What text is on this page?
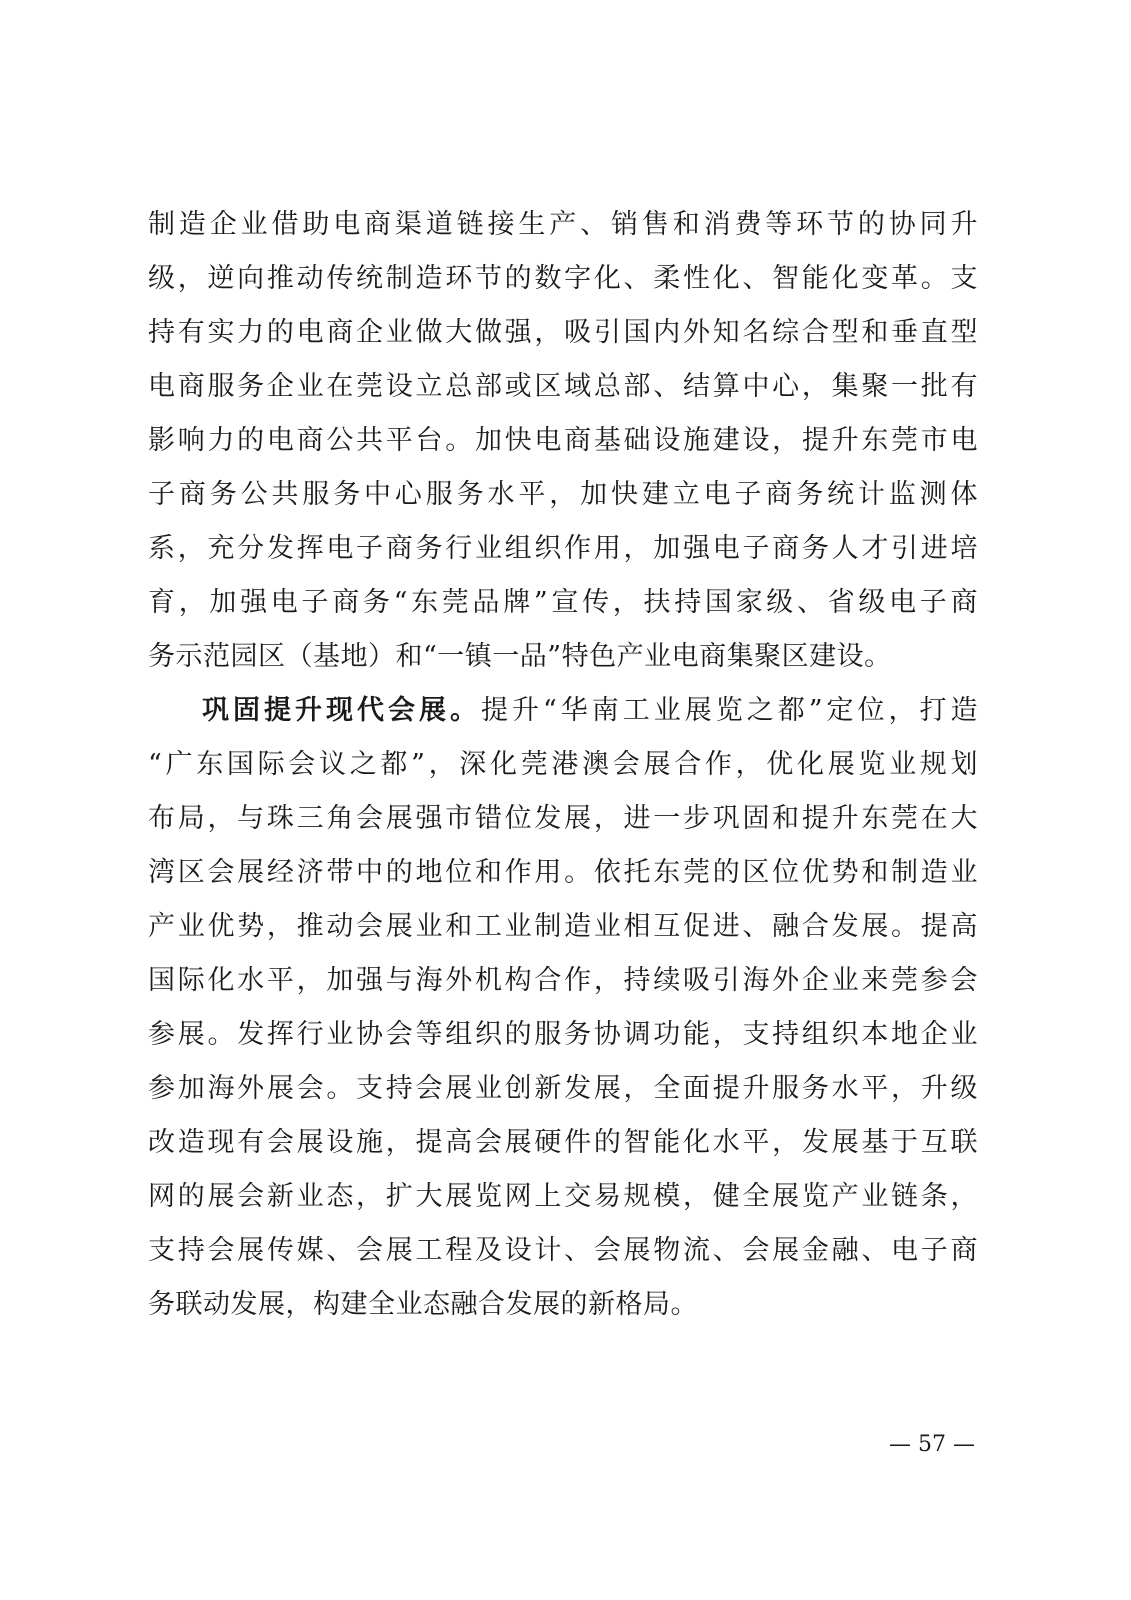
制造企业借助电商渠道链接生产、销售和消费等环节的协同升
级，逆向推动传统制造环节的数字化、柔性化、智能化变革。支
持有实力的电商企业做大做强，吸引国内外知名综合型和垂直型
电商服务企业在莞设立总部或区域总部、结算中心，集聚一批有
影响力的电商公共平台。加快电商基础设施建设，提升东莞市电
子商务公共服务中心服务水平，加快建立电子商务统计监测体
系，充分发挥电子商务行业组织作用，加强电子商务人才引进培
育，加强电子商务“东莞品牌”宣传，扶持国家级、省级电子商
务示范园区（基地）和“一镇一品”特色产业电商集聚区建设。
巩固提升现代会展。提升“华南工业展览之都”定位，打造
“广东国际会议之都”，深化莞港澳会展合作，优化展览业规划
布局，与珠三角会展强市错位发展，进一步巩固和提升东莞在大
湾区会展经济带中的地位和作用。依托东莞的区位优势和制造业
产业优势，推动会展业和工业制造业相互促进、融合发展。提高
国际化水平，加强与海外机构合作，持续吸引海外企业来莞参会
参展。发挥行业协会等组织的服务协调功能，支持组织本地企业
参加海外展会。支持会展业创新发展，全面提升服务水平，升级
改造现有会展设施，提高会展硬件的智能化水平，发展基于互联
网的展会新业态，扩大展览网上交易规模，健全展览产业链条，
支持会展传媒、会展工程及设计、会展物流、会展金融、电子商
务联动发展，构建全业态融合发展的新格局。
— 57 —
